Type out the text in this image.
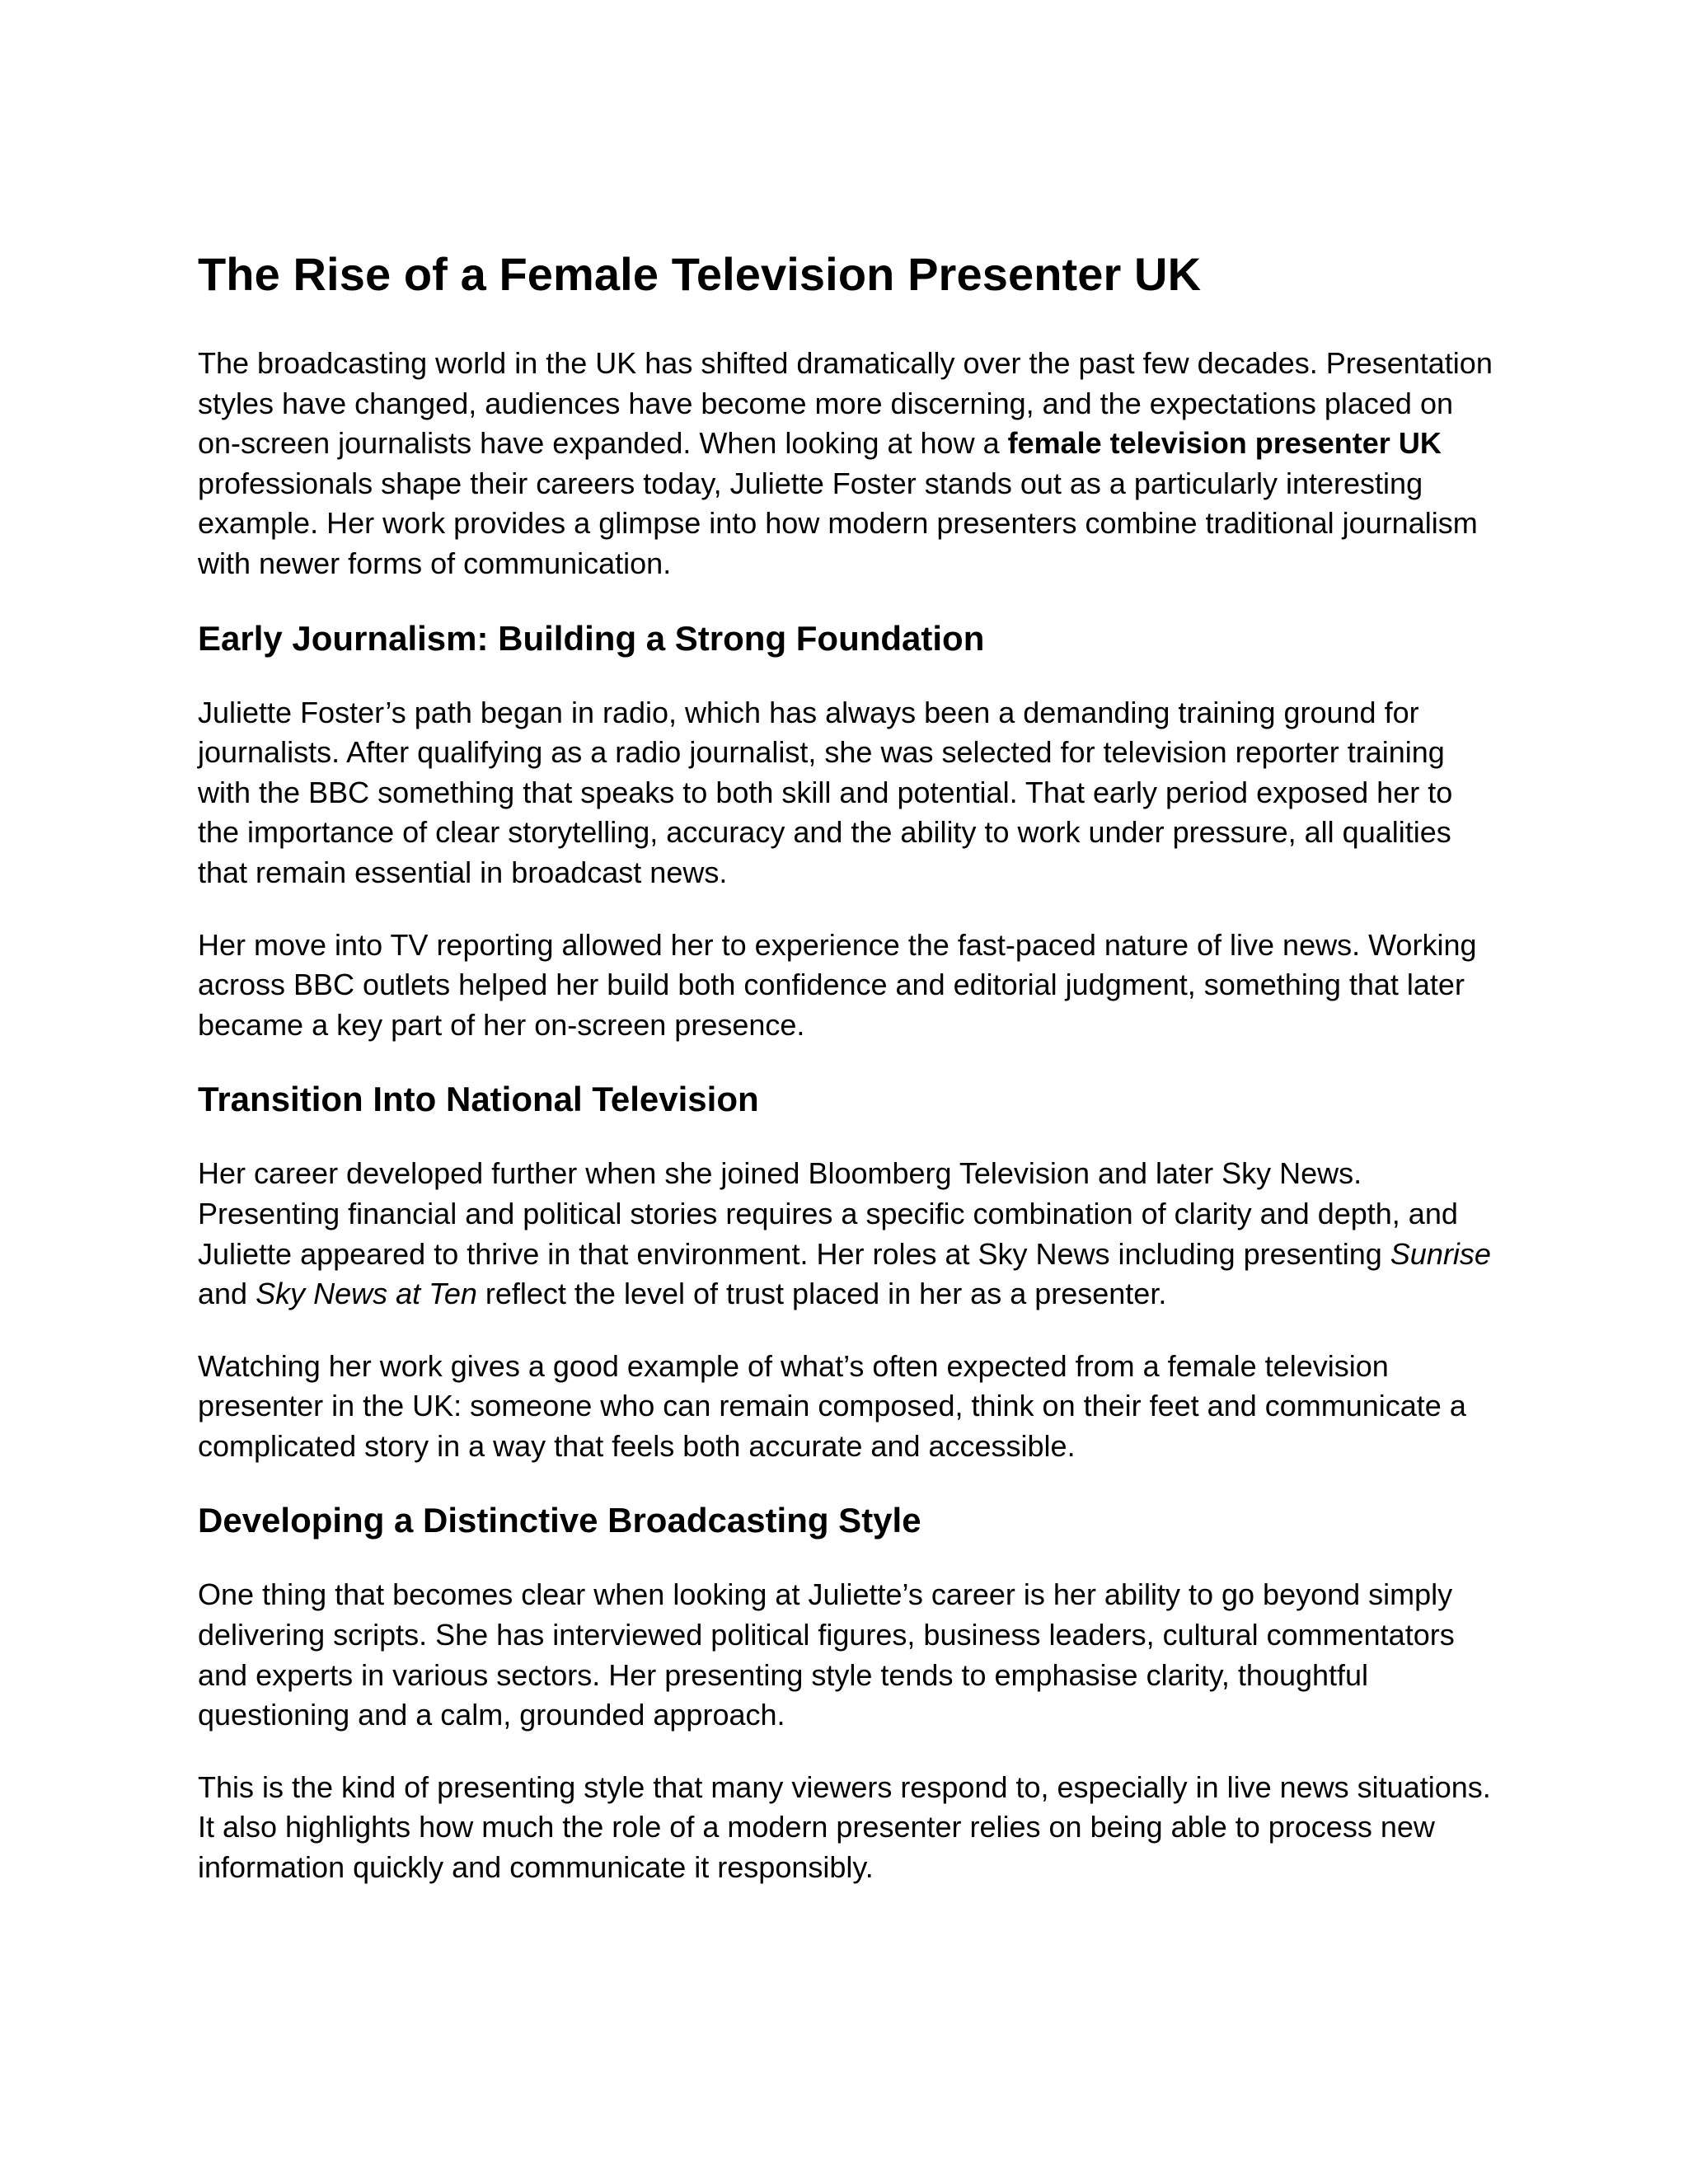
The Rise of a Female Television Presenter UK

The broadcasting world in the UK has shifted dramatically over the past few decades. Presentation styles have changed, audiences have become more discerning, and the expectations placed on on-screen journalists have expanded. When looking at how a female television presenter UK professionals shape their careers today, Juliette Foster stands out as a particularly interesting example. Her work provides a glimpse into how modern presenters combine traditional journalism with newer forms of communication.

Early Journalism: Building a Strong Foundation

Juliette Foster’s path began in radio, which has always been a demanding training ground for journalists. After qualifying as a radio journalist, she was selected for television reporter training with the BBC something that speaks to both skill and potential. That early period exposed her to the importance of clear storytelling, accuracy and the ability to work under pressure, all qualities that remain essential in broadcast news.

Her move into TV reporting allowed her to experience the fast-paced nature of live news. Working across BBC outlets helped her build both confidence and editorial judgment, something that later became a key part of her on-screen presence.

Transition Into National Television

Her career developed further when she joined Bloomberg Television and later Sky News. Presenting financial and political stories requires a specific combination of clarity and depth, and Juliette appeared to thrive in that environment. Her roles at Sky News including presenting Sunrise and Sky News at Ten reflect the level of trust placed in her as a presenter.

Watching her work gives a good example of what’s often expected from a female television presenter in the UK: someone who can remain composed, think on their feet and communicate a complicated story in a way that feels both accurate and accessible.

Developing a Distinctive Broadcasting Style

One thing that becomes clear when looking at Juliette’s career is her ability to go beyond simply delivering scripts. She has interviewed political figures, business leaders, cultural commentators and experts in various sectors. Her presenting style tends to emphasise clarity, thoughtful questioning and a calm, grounded approach.

This is the kind of presenting style that many viewers respond to, especially in live news situations. It also highlights how much the role of a modern presenter relies on being able to process new information quickly and communicate it responsibly.
